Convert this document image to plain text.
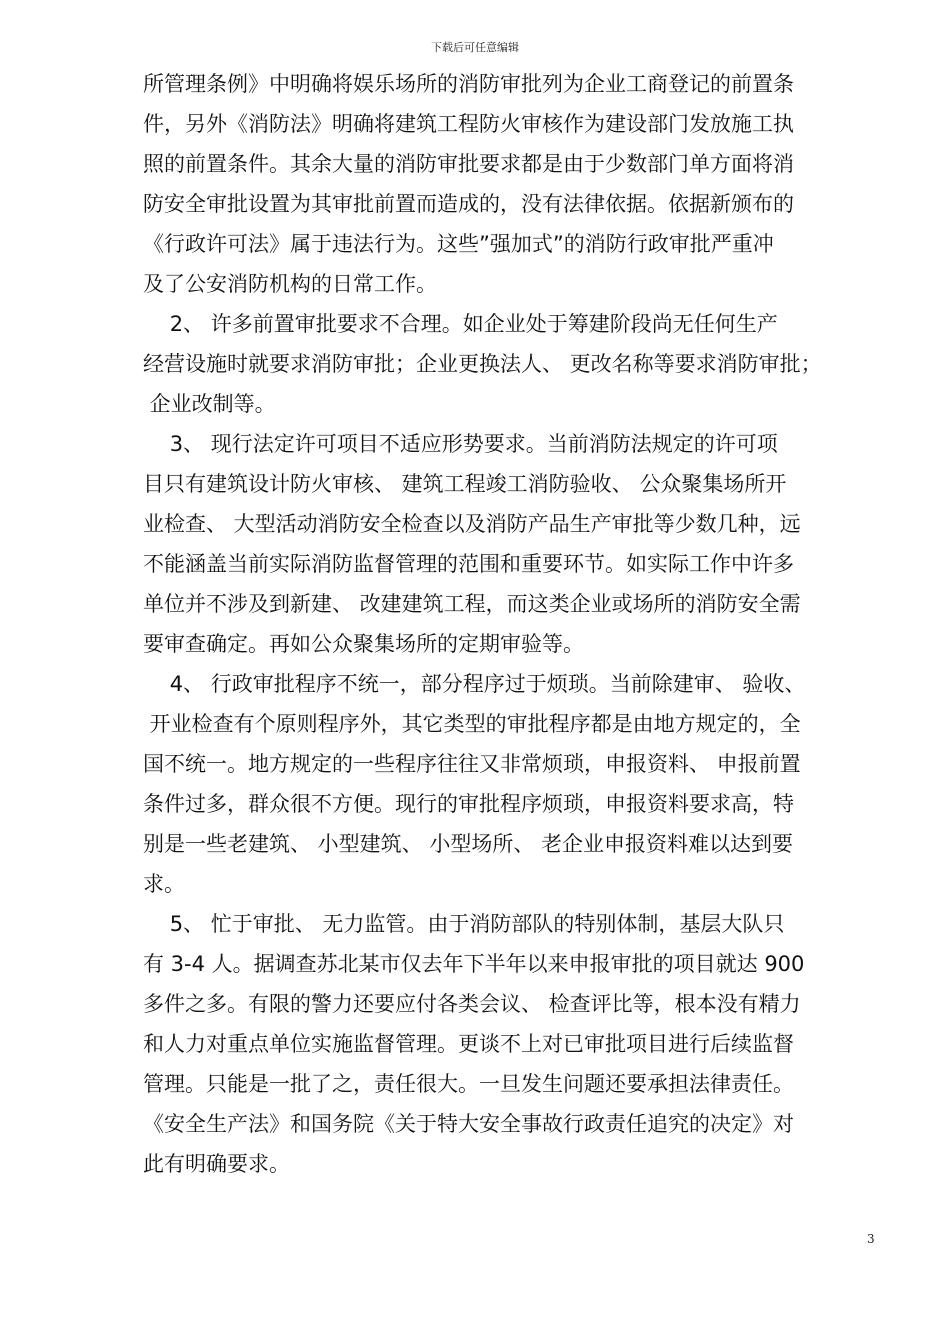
下载后可任意编辑
所管理条例》中明确将娱乐场所的消防审批列为企业工商登记的前置条
件，另外《消防法》明确将建筑工程防火审核作为建设部门发放施工执
照的前置条件。其余大量的消防审批要求都是由于少数部门单方面将消
防安全审批设置为其审批前置而造成的，没有法律依据。依据新颁布的
《行政许可法》属于违法行为。这些”强加式”的消防行政审批严重冲
及了公安消防机构的日常工作。
2、 许多前置审批要求不合理。如企业处于筹建阶段尚无任何生产
经营设施时就要求消防审批；企业更换法人、 更改名称等要求消防审批；
企业改制等。
3、 现行法定许可项目不适应形势要求。当前消防法规定的许可项
目只有建筑设计防火审核、 建筑工程竣工消防验收、 公众聚集场所开
业检查、 大型活动消防安全检查以及消防产品生产审批等少数几种，远
不能涵盖当前实际消防监督管理的范围和重要环节。如实际工作中许多
单位并不涉及到新建、 改建建筑工程，而这类企业或场所的消防安全需
要审查确定。再如公众聚集场所的定期审验等。
4、 行政审批程序不统一，部分程序过于烦琐。当前除建审、 验收、
开业检查有个原则程序外，其它类型的审批程序都是由地方规定的，全
国不统一。地方规定的一些程序往往又非常烦琐，申报资料、 申报前置
条件过多，群众很不方便。现行的审批程序烦琐，申报资料要求高，特
别是一些老建筑、 小型建筑、 小型场所、 老企业申报资料难以达到要
求。
5、 忙于审批、 无力监管。由于消防部队的特别体制，基层大队只
有 3-4 人。据调查苏北某市仅去年下半年以来申报审批的项目就达 900
多件之多。有限的警力还要应付各类会议、 检查评比等，根本没有精力
和人力对重点单位实施监督管理。更谈不上对已审批项目进行后续监督
管理。只能是一批了之，责任很大。一旦发生问题还要承担法律责任。
《安全生产法》和国务院《关于特大安全事故行政责任追究的决定》对
此有明确要求。
3
